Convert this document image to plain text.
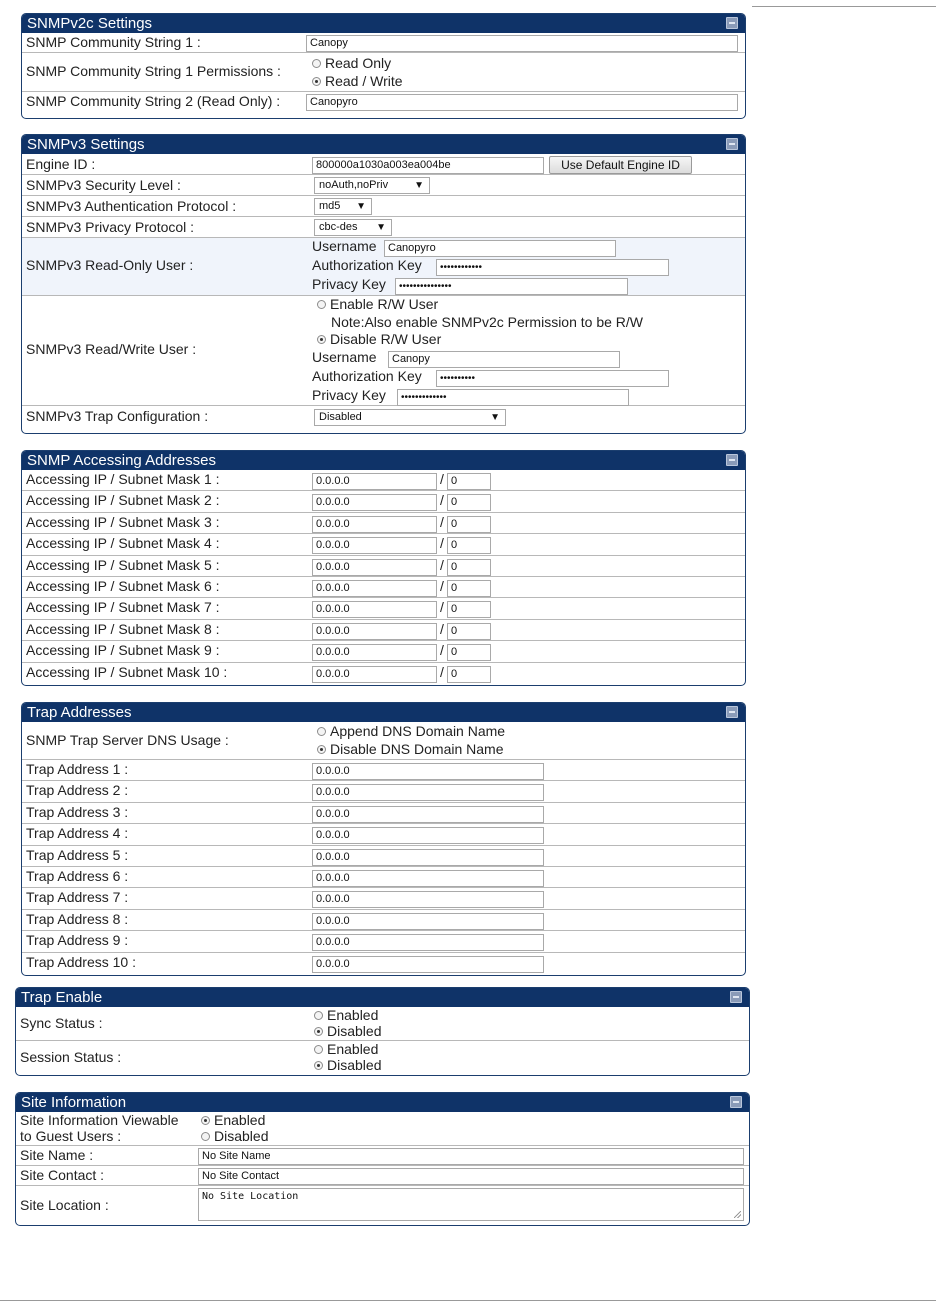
SNMPv2c Settings
SNMP Community String 1 :	Canopy
SNMP Community String 1 Permissions :	Read Only
Read / Write
SNMP Community String 2 (Read Only) :	Canopyro
SNMPv3 Settings
Engine ID :	800000a1030a003ea004be	Use Default Engine ID
SNMPv3 Security Level :	noAuth,noPriv	▼
SNMPv3 Authentication Protocol :	md5 ▼
SNMPv3 Privacy Protocol :	cbc-des ▼
SNMPv3 Read-Only User :
Username	Canopyro
Authorization Key	••••••••••••
Privacy Key	•••••••••••••••
SNMPv3 Read/Write User :
Enable R/W User
Note:Also enable SNMPv2c Permission to be R/W
Disable R/W User
Username	Canopy
Authorization Key	••••••••••
Privacy Key	•••••••••••••
SNMPv3 Trap Configuration :	Disabled	▼
SNMP Accessing Addresses
Accessing IP / Subnet Mask 1 :	0.0.0.0	/ 0
Accessing IP / Subnet Mask 2 :	0.0.0.0	/ 0
Accessing IP / Subnet Mask 3 :	0.0.0.0	/ 0
Accessing IP / Subnet Mask 4 :	0.0.0.0	/ 0
Accessing IP / Subnet Mask 5 :	0.0.0.0	/ 0
Accessing IP / Subnet Mask 6 :	0.0.0.0	/ 0
Accessing IP / Subnet Mask 7 :	0.0.0.0	/ 0
Accessing IP / Subnet Mask 8 :	0.0.0.0	/ 0
Accessing IP / Subnet Mask 9 :	0.0.0.0	/ 0
Accessing IP / Subnet Mask 10 :	0.0.0.0	/ 0
Trap Addresses
SNMP Trap Server DNS Usage :
Append DNS Domain Name
Disable DNS Domain Name
Trap Address 1 :	0.0.0.0
Trap Address 2 :	0.0.0.0
Trap Address 3 :	0.0.0.0
Trap Address 4 :	0.0.0.0
Trap Address 5 :	0.0.0.0
Trap Address 6 :	0.0.0.0
Trap Address 7 :	0.0.0.0
Trap Address 8 :	0.0.0.0
Trap Address 9 :	0.0.0.0
Trap Address 10 :	0.0.0.0
Trap Enable
Sync Status :	Enabled
Disabled
Session Status :	Enabled
Disabled
Site Information
Site Information Viewable
to Guest Users :
Enabled
Disabled
Site Name :	No Site Name
Site Contact :	No Site Contact
Site Location :
No Site Location
